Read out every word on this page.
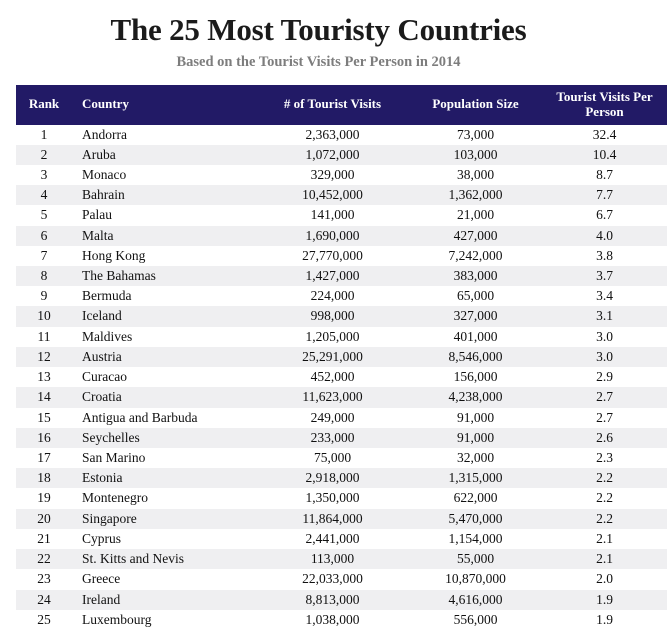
The 25 Most Touristy Countries
Based on the Tourist Visits Per Person in 2014
Rank	Country	# of Tourist Visits	Population Size	Tourist Visits Per Person
1	Andorra	2,363,000	73,000	32.4
2	Aruba	1,072,000	103,000	10.4
3	Monaco	329,000	38,000	8.7
4	Bahrain	10,452,000	1,362,000	7.7
5	Palau	141,000	21,000	6.7
6	Malta	1,690,000	427,000	4.0
7	Hong Kong	27,770,000	7,242,000	3.8
8	The Bahamas	1,427,000	383,000	3.7
9	Bermuda	224,000	65,000	3.4
10	Iceland	998,000	327,000	3.1
11	Maldives	1,205,000	401,000	3.0
12	Austria	25,291,000	8,546,000	3.0
13	Curacao	452,000	156,000	2.9
14	Croatia	11,623,000	4,238,000	2.7
15	Antigua and Barbuda	249,000	91,000	2.7
16	Seychelles	233,000	91,000	2.6
17	San Marino	75,000	32,000	2.3
18	Estonia	2,918,000	1,315,000	2.2
19	Montenegro	1,350,000	622,000	2.2
20	Singapore	11,864,000	5,470,000	2.2
21	Cyprus	2,441,000	1,154,000	2.1
22	St. Kitts and Nevis	113,000	55,000	2.1
23	Greece	22,033,000	10,870,000	2.0
24	Ireland	8,813,000	4,616,000	1.9
25	Luxembourg	1,038,000	556,000	1.9
